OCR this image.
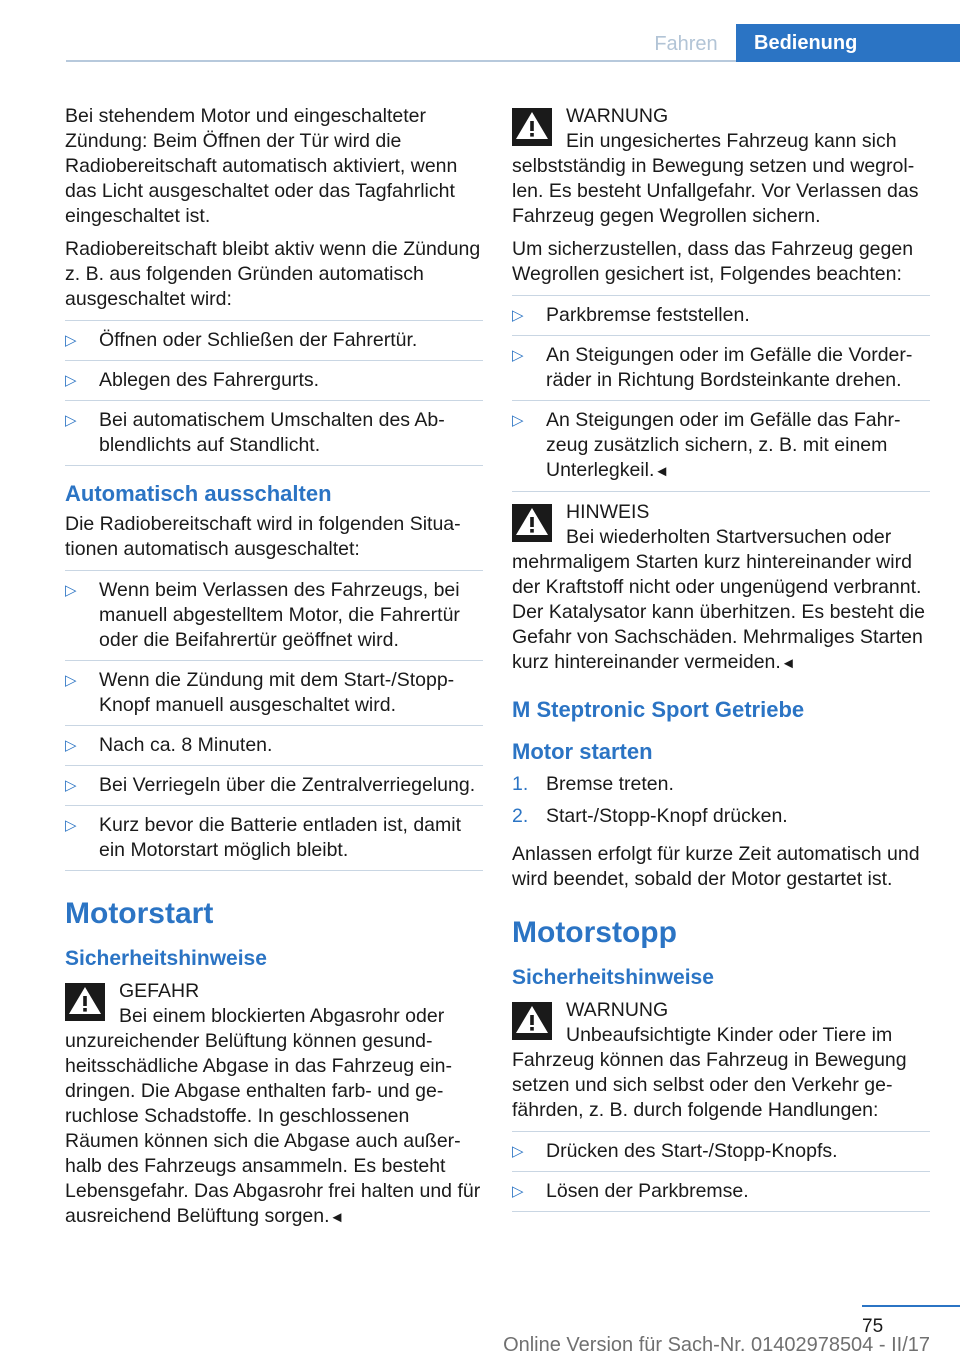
Fahren	Bedienung

Bei stehendem Motor und eingeschalteter Zündung: Beim Öffnen der Tür wird die Radiobereitschaft automatisch aktiviert, wenn das Licht ausgeschaltet oder das Tagfahrlicht eingeschaltet ist.

Radiobereitschaft bleibt aktiv wenn die Zündung z. B. aus folgenden Gründen automatisch ausgeschaltet wird:

▷ Öffnen oder Schließen der Fahrertür.
▷ Ablegen des Fahrergurts.
▷ Bei automatischem Umschalten des Abblendlichts auf Standlicht.
Automatisch ausschalten

Die Radiobereitschaft wird in folgenden Situationen automatisch ausgeschaltet:

▷ Wenn beim Verlassen des Fahrzeugs, bei manuell abgestelltem Motor, die Fahrertür oder die Beifahrertür geöffnet wird.
▷ Wenn die Zündung mit dem Start-/Stopp-Knopf manuell ausgeschaltet wird.
▷ Nach ca. 8 Minuten.
▷ Bei Verriegeln über die Zentralverriegelung.
▷ Kurz bevor die Batterie entladen ist, damit ein Motorstart möglich bleibt.
Motorstart
Sicherheitshinweise
GEFAHR
Bei einem blockierten Abgasrohr oder unzureichender Belüftung können gesundheitsschädliche Abgase in das Fahrzeug eindringen. Die Abgase enthalten farb- und geruchlose Schadstoffe. In geschlossenen Räumen können sich die Abgase auch außerhalb des Fahrzeugs ansammeln. Es besteht Lebensgefahr. Das Abgasrohr frei halten und für ausreichend Belüftung sorgen.◄
WARNUNG
Ein ungesichertes Fahrzeug kann sich selbstständig in Bewegung setzen und wegrollen. Es besteht Unfallgefahr. Vor Verlassen das Fahrzeug gegen Wegrollen sichern.

Um sicherzustellen, dass das Fahrzeug gegen Wegrollen gesichert ist, Folgendes beachten:

▷ Parkbremse feststellen.
▷ An Steigungen oder im Gefälle die Vorderräder in Richtung Bordsteinkante drehen.
▷ An Steigungen oder im Gefälle das Fahrzeug zusätzlich sichern, z. B. mit einem Unterlegkeil.◄
HINWEIS
Bei wiederholten Startversuchen oder mehrmaligem Starten kurz hintereinander wird der Kraftstoff nicht oder ungenügend verbrannt. Der Katalysator kann überhitzen. Es besteht die Gefahr von Sachschäden. Mehrmaliges Starten kurz hintereinander vermeiden.◄
M Steptronic Sport Getriebe
Motor starten
1. Bremse treten.
2. Start-/Stopp-Knopf drücken.

Anlassen erfolgt für kurze Zeit automatisch und wird beendet, sobald der Motor gestartet ist.

Motorstopp
Sicherheitshinweise
WARNUNG
Unbeaufsichtigte Kinder oder Tiere im Fahrzeug können das Fahrzeug in Bewegung setzen und sich selbst oder den Verkehr gefährden, z. B. durch folgende Handlungen:
▷ Drücken des Start-/Stopp-Knopfs.
▷ Lösen der Parkbremse.
75
Online Version für Sach-Nr. 01402978504 - II/17
